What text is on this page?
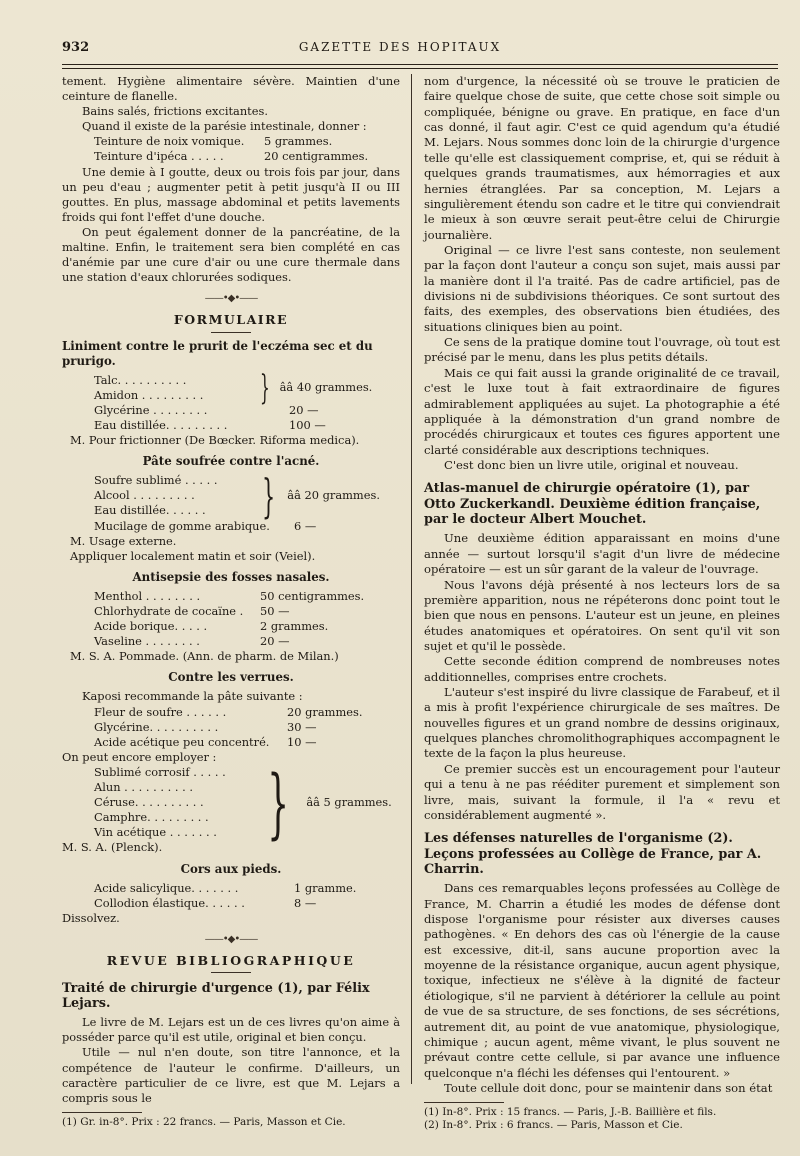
932	GAZETTE DES HOPITAUX

tement. Hygiène alimentaire sévère. Maintien d'une ceinture de flanelle.

Bains salés, frictions excitantes.

Quand il existe de la parésie intestinale, donner :

Teinture de noix vomique.	5 grammes.
Teinture d'ipéca . . . . .	20 centigrammes.

Une demie à I goutte, deux ou trois fois par jour, dans un peu d'eau ; augmenter petit à petit jusqu'à II ou III gouttes. En plus, massage abdominal et petits lavements froids qui font l'effet d'une douche.

On peut également donner de la pancréatine, de la maltine. Enfin, le traitement sera bien complété en cas d'anémie par une cure d'air ou une cure thermale dans une station d'eaux chlorurées sodiques.

——•◆•——
FORMULAIRE
Liniment contre le prurit de l'eczéma sec et du prurigo.
Talc. . . . . . . . . .
Amidon . . . . . . . . .	} ââ 40 grammes.
Glycérine . . . . . . . .	20 —
Eau distillée. . . . . . . . .	100 —

M. Pour frictionner (De Bœcker. Riforma medica).

Pâte soufrée contre l'acné.
Soufre sublimé . . . . .
Alcool . . . . . . . . .
Eau distillée. . . . . .	} ââ 20 grammes.
Mucilage de gomme arabique.	6 —

M. Usage externe.

Appliquer localement matin et soir (Veiel).

Antisepsie des fosses nasales.
Menthol . . . . . . . .	50 centigrammes.
Chlorhydrate de cocaïne .	50 —
Acide borique. . . . .	2 grammes.
Vaseline . . . . . . . .	20 —

M. S. A. Pommade. (Ann. de pharm. de Milan.)

Contre les verrues.

Kaposi recommande la pâte suivante :

Fleur de soufre . . . . . .	20 grammes.
Glycérine. . . . . . . . . .	30 —
Acide acétique peu concentré.	10 —

On peut encore employer :

Sublimé corrosif . . . . .
Alun . . . . . . . . . .
Céruse. . . . . . . . . .
Camphre. . . . . . . . .
Vin acétique . . . . . . . } ââ 5 grammes.

M. S. A. (Plenck).

Cors aux pieds.
Acide salicylique. . . . . . .	1 gramme.
Collodion élastique. . . . . .	8 —

Dissolvez.

——•◆•——
REVUE BIBLIOGRAPHIQUE
Traité de chirurgie d'urgence (1), par Félix Lejars.

Le livre de M. Lejars est un de ces livres qu'on aime à posséder parce qu'il est utile, original et bien conçu.

Utile — nul n'en doute, son titre l'annonce, et la compétence de l'auteur le confirme. D'ailleurs, un caractère particulier de ce livre, est que M. Lejars a compris sous le

(1) Gr. in-8°. Prix : 22 francs. — Paris, Masson et Cie.

nom d'urgence, la nécessité où se trouve le praticien de faire quelque chose de suite, que cette chose soit simple ou compliquée, bénigne ou grave. En pratique, en face d'un cas donné, il faut agir. C'est ce quid agendum qu'a étudié M. Lejars. Nous sommes donc loin de la chirurgie d'urgence telle qu'elle est classiquement comprise, et, qui se réduit à quelques grands traumatismes, aux hémorragies et aux hernies étranglées. Par sa conception, M. Lejars a singulièrement étendu son cadre et le titre qui conviendrait le mieux à son œuvre serait peut-être celui de Chirurgie journalière.

Original — ce livre l'est sans conteste, non seulement par la façon dont l'auteur a conçu son sujet, mais aussi par la manière dont il l'a traité. Pas de cadre artificiel, pas de divisions ni de subdivisions théoriques. Ce sont surtout des faits, des exemples, des observations bien étudiées, des situations cliniques bien au point.

Ce sens de la pratique domine tout l'ouvrage, où tout est précisé par le menu, dans les plus petits détails.

Mais ce qui fait aussi la grande originalité de ce travail, c'est le luxe tout à fait extraordinaire de figures admirablement appliquées au sujet. La photographie a été appliquée à la démonstration d'un grand nombre de procédés chirurgicaux et toutes ces figures apportent une clarté considérable aux descriptions techniques.

C'est donc bien un livre utile, original et nouveau.

Atlas-manuel de chirurgie opératoire (1), par Otto Zuckerkandl. Deuxième édition française, par le docteur Albert Mouchet.

Une deuxième édition apparaissant en moins d'une année — surtout lorsqu'il s'agit d'un livre de médecine opératoire — est un sûr garant de la valeur de l'ouvrage.

Nous l'avons déjà présenté à nos lecteurs lors de sa première apparition, nous ne répéterons donc point tout le bien que nous en pensons. L'auteur est un jeune, en pleines études anatomiques et opératoires. On sent qu'il vit son sujet et qu'il le possède.

Cette seconde édition comprend de nombreuses notes additionnelles, comprises entre crochets.

L'auteur s'est inspiré du livre classique de Farabeuf, et il a mis à profit l'expérience chirurgicale de ses maîtres. De nouvelles figures et un grand nombre de dessins originaux, quelques planches chromolithographiques accompagnent le texte de la façon la plus heureuse.

Ce premier succès est un encouragement pour l'auteur qui a tenu à ne pas rééditer purement et simplement son livre, mais, suivant la formule, il l'a « revu et considérablement augmenté ».

Les défenses naturelles de l'organisme (2). Leçons professées au Collège de France, par A. Charrin.

Dans ces remarquables leçons professées au Collège de France, M. Charrin a étudié les modes de défense dont dispose l'organisme pour résister aux diverses causes pathogènes. « En dehors des cas où l'énergie de la cause est excessive, dit-il, sans aucune proportion avec la moyenne de la résistance organique, aucun agent physique, toxique, infectieux ne s'élève à la dignité de facteur étiologique, s'il ne parvient à détériorer la cellule au point de vue de sa structure, de ses fonctions, de ses sécrétions, autrement dit, au point de vue anatomique, physiologique, chimique ; aucun agent, même vivant, le plus souvent ne prévaut contre cette cellule, si par avance une influence quelconque n'a fléchi les défenses qui l'entourent. »

Toute cellule doit donc, pour se maintenir dans son état

(1) In-8°. Prix : 15 francs. — Paris, J.-B. Baillière et fils.

(2) In-8°. Prix : 6 francs. — Paris, Masson et Cie.
